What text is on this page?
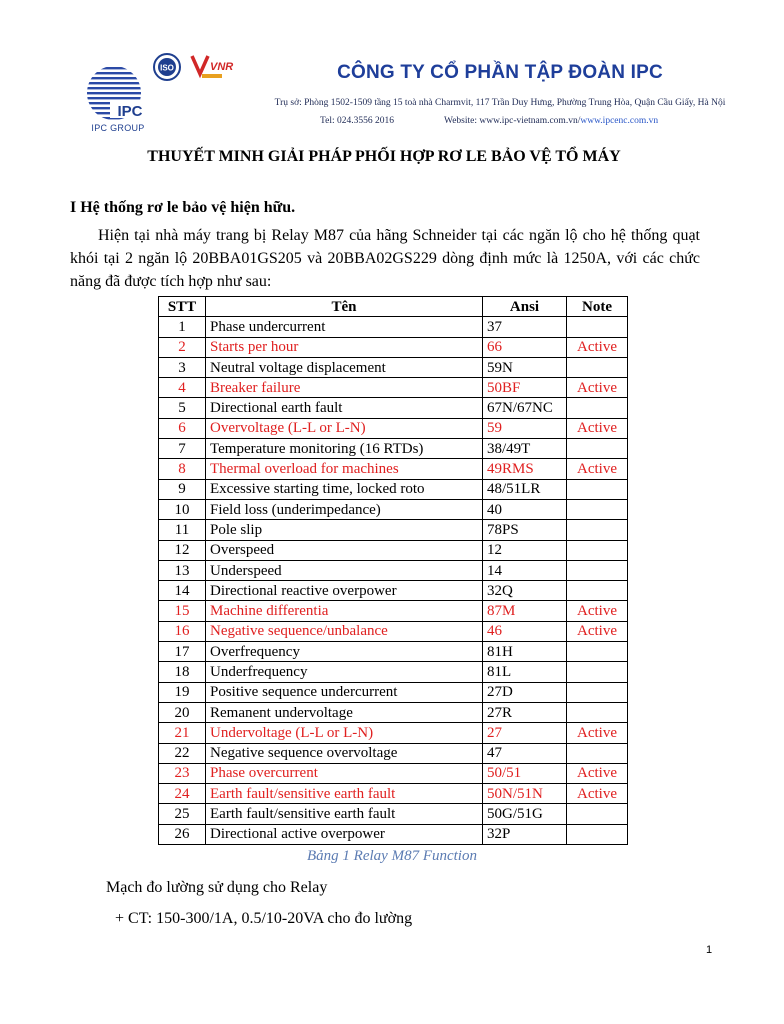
IPC
IPC GROUP
ISO	VNR	CÔNG TY CỔ PHẦN TẬP ĐOÀN IPC
Trụ sở: Phòng 1502-1509 tầng 15 toà nhà Charmvit, 117 Trần Duy Hưng, Phường Trung Hòa, Quận Cầu Giấy, Hà Nội
Tel: 024.3556 2016	Website: www.ipc-vietnam.com.vn/www.ipcenc.com.vn
THUYẾT MINH GIẢI PHÁP PHỐI HỢP RƠ LE BẢO VỆ TỔ MÁY
I Hệ thống rơ le bảo vệ hiện hữu.
Hiện tại nhà máy trang bị Relay M87 của hãng Schneider tại các ngăn lộ cho hệ thống quạt khói tại 2 ngăn lộ 20BBA01GS205 và 20BBA02GS229 dòng định mức là 1250A, với các chức năng đã được tích hợp như sau:
STT	Tên	Ansi	Note
1	Phase undercurrent	37	
2	Starts per hour	66	Active
3	Neutral voltage displacement	59N	
4	Breaker failure	50BF	Active
5	Directional earth fault	67N/67NC	
6	Overvoltage (L-L or L-N)	59	Active
7	Temperature monitoring (16 RTDs)	38/49T	
8	Thermal overload for machines	49RMS	Active
9	Excessive starting time, locked roto	48/51LR	
10	Field loss (underimpedance)	40	
11	Pole slip	78PS	
12	Overspeed	12	
13	Underspeed	14	
14	Directional reactive overpower	32Q	
15	Machine differentia	87M	Active
16	Negative sequence/unbalance	46	Active
17	Overfrequency	81H	
18	Underfrequency	81L	
19	Positive sequence undercurrent	27D	
20	Remanent undervoltage	27R	
21	Undervoltage (L-L or L-N)	27	Active
22	Negative sequence overvoltage	47	
23	Phase overcurrent	50/51	Active
24	Earth fault/sensitive earth fault	50N/51N	Active
25	Earth fault/sensitive earth fault	50G/51G	
26	Directional active overpower	32P	
Bảng 1 Relay M87 Function
Mạch đo lường sử dụng cho Relay
+ CT: 150-300/1A, 0.5/10-20VA cho đo lường
1
